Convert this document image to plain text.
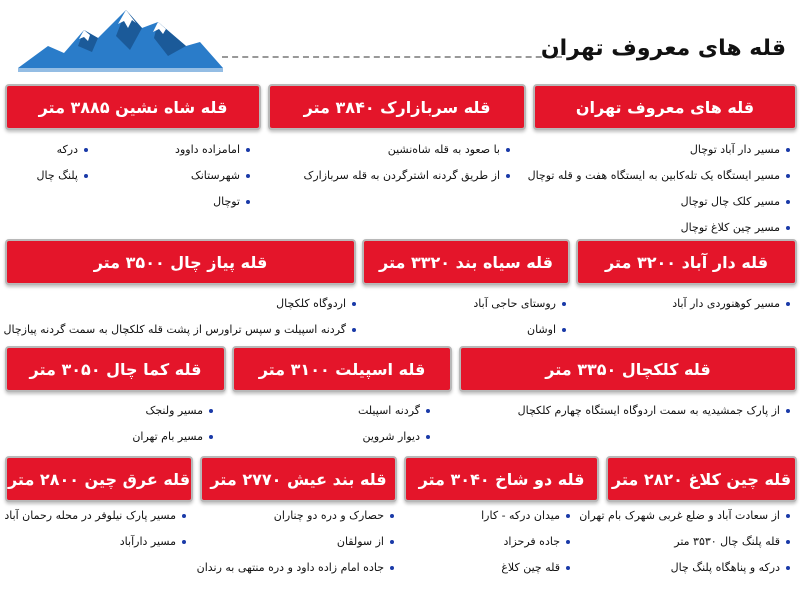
قله های معروف تهران
قله های معروف تهران
قله سربازارک ۳۸۴۰ متر
قله شاه نشین ۳۸۸۵ متر
مسیر دار آباد توچال
مسیر ایستگاه یک تله‌کابین به ایستگاه هفت و قله توچال
مسیر کلک چال توچال
مسیر چین کلاغ توچال
با صعود به قله شاه‌نشین
از طریق گردنه اشترگردن به قله سربازارک
امامزاده داوود
شهرستانک
توچال
درکه
پلنگ چال
قله دار آباد ۳۲۰۰ متر
قله سیاه بند ۳۳۲۰ متر
قله پیاز چال ۳۵۰۰ متر
مسیر کوهنوردی دار آباد
روستای حاجی آباد
اوشان
اردوگاه کلکچال
گردنه اسپیلت و سپس تراورس از پشت قله کلکچال به سمت گردنه پیازچال
قله کلکچال ۳۳۵۰ متر
قله اسپیلت ۳۱۰۰ متر
قله کما چال ۳۰۵۰ متر
از پارک جمشیدیه به سمت اردوگاه ایستگاه چهارم کلکچال
گردنه اسپیلت
دیوار شروین
مسیر ولنجک
مسیر بام تهران
قله چین کلاغ ۲۸۲۰ متر
قله دو شاخ ۳۰۴۰ متر
قله بند عیش ۲۷۷۰ متر
قله عرق چین ۲۸۰۰ متر
از سعادت آباد و ضلع غربی شهرک بام تهران
قله پلنگ چال ۳۵۳۰ متر
درکه و پناهگاه پلنگ چال
میدان درکه - کارا
جاده فرحزاد
قله چین کلاغ
حصارک و دره دو چناران
از سولقان
جاده امام زاده داود و دره منتهی به رندان
مسیر پارک نیلوفر در محله رحمان آباد
مسیر دارآباد
